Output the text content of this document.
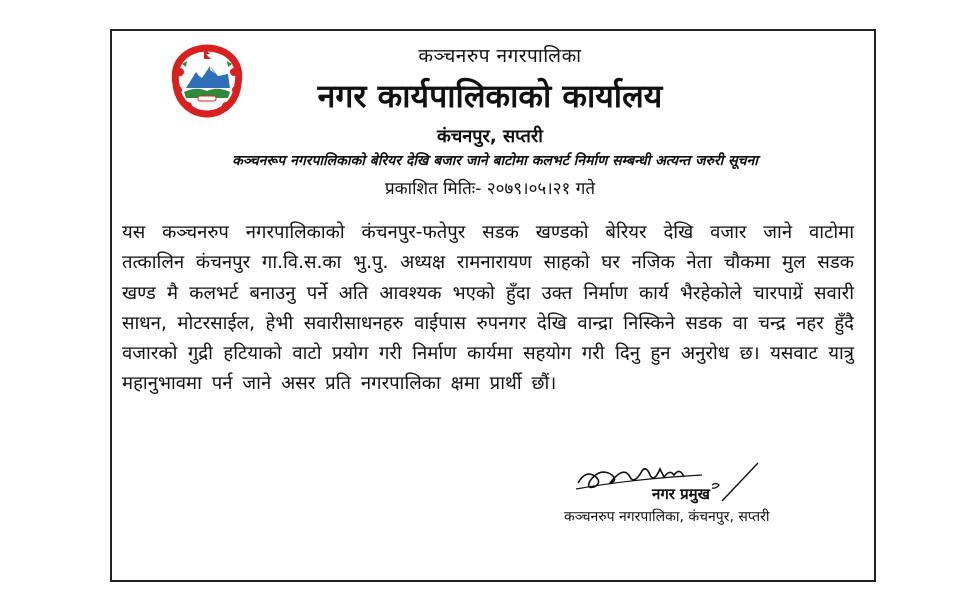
कञ्चनरुप नगरपालिका
नगर कार्यपालिकाको कार्यालय
कंचनपुर, सप्तरी
कञ्चनरूप नगरपालिकाको बेरियर देखि बजार जाने बाटोमा कलभर्ट निर्माण सम्बन्धी अत्यन्त जरुरी सूचना
प्रकाशित मितिः- २०७९।०५।२१ गते
यस कञ्चनरुप नगरपालिकाको कंचनपुर-फतेपुर सडक खण्डको बेरियर देखि वजार जाने वाटोमा तत्कालिन कंचनपुर गा.वि.स.का भु.पु. अध्यक्ष रामनारायण साहको घर नजिक नेता चौकमा मुल सडक खण्ड मै कलभर्ट बनाउनु पर्ने अति आवश्यक भएको हुँदा उक्त निर्माण कार्य भैरहेकोले चारपाग्रें सवारी साधन, मोटरसाईल, हेभी सवारीसाधनहरु वाईपास रुपनगर देखि वान्द्रा निस्किने सडक वा चन्द्र नहर हुँदै वजारको गुद्री हटियाको वाटो प्रयोग गरी निर्माण कार्यमा सहयोग गरी दिनु हुन अनुरोध छ। यसवाट यात्रु महानुभावमा पर्न जाने असर प्रति नगरपालिका क्षमा प्रार्थी छौं।
नगर प्रमुख
कञ्चनरुप नगरपालिका, कंचनपुर, सप्तरी
